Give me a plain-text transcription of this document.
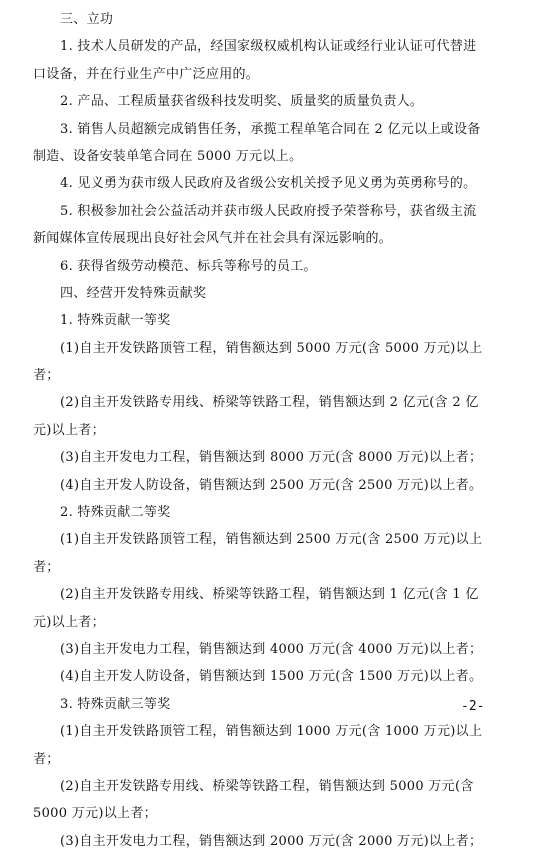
三、立功
1. 技术人员研发的产品，经国家级权威机构认证或经行业认证可代替进
口设备，并在行业生产中广泛应用的。
2. 产品、工程质量获省级科技发明奖、质量奖的质量负责人。
3. 销售人员超额完成销售任务，承揽工程单笔合同在 2 亿元以上或设备
制造、设备安装单笔合同在 5000 万元以上。
4. 见义勇为获市级人民政府及省级公安机关授予见义勇为英勇称号的。
5. 积极参加社会公益活动并获市级人民政府授予荣誉称号，获省级主流
新闻媒体宣传展现出良好社会风气并在社会具有深远影响的。
6. 获得省级劳动模范、标兵等称号的员工。
四、经营开发特殊贡献奖
1. 特殊贡献一等奖
(1)自主开发铁路顶管工程，销售额达到 5000 万元(含 5000 万元)以上
者；
(2)自主开发铁路专用线、桥梁等铁路工程，销售额达到 2 亿元(含 2 亿
元)以上者；
(3)自主开发电力工程，销售额达到 8000 万元(含 8000 万元)以上者；
(4)自主开发人防设备，销售额达到 2500 万元(含 2500 万元)以上者。
2. 特殊贡献二等奖
(1)自主开发铁路顶管工程，销售额达到 2500 万元(含 2500 万元)以上
者；
(2)自主开发铁路专用线、桥梁等铁路工程，销售额达到 1 亿元(含 1 亿
元)以上者；
(3)自主开发电力工程，销售额达到 4000 万元(含 4000 万元)以上者；
(4)自主开发人防设备，销售额达到 1500 万元(含 1500 万元)以上者。
3. 特殊贡献三等奖
(1)自主开发铁路顶管工程，销售额达到 1000 万元(含 1000 万元)以上
者；
(2)自主开发铁路专用线、桥梁等铁路工程，销售额达到 5000 万元(含
5000 万元)以上者；
(3)自主开发电力工程，销售额达到 2000 万元(含 2000 万元)以上者；
-2-
